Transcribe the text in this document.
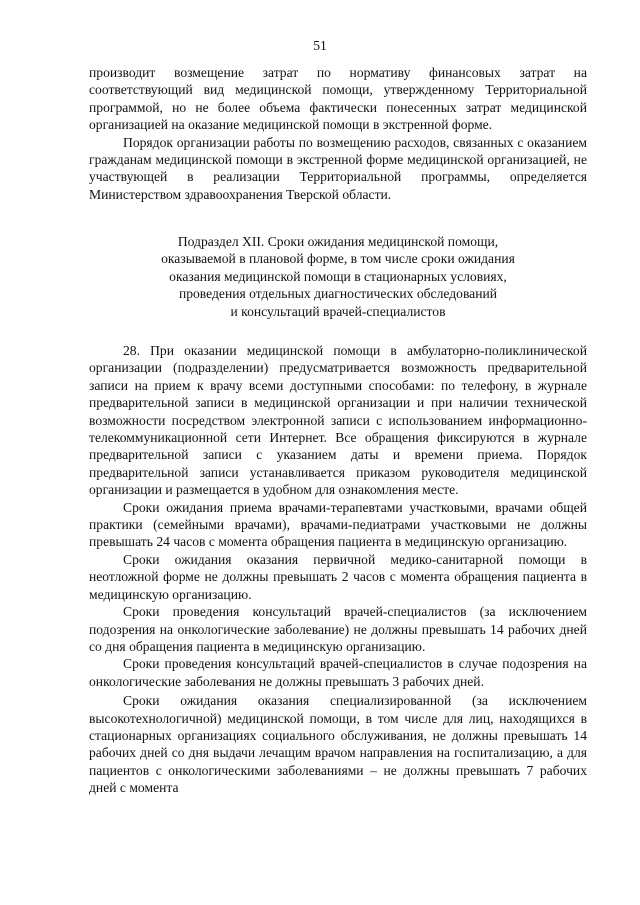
51

производит возмещение затрат по нормативу финансовых затрат на соответствующий вид медицинской помощи, утвержденному Территориальной программой, но не более объема фактически понесенных затрат медицинской организацией на оказание медицинской помощи в экстренной форме.

Порядок организации работы по возмещению расходов, связанных с оказанием гражданам медицинской помощи в экстренной форме медицинской организацией, не участвующей в реализации Территориальной программы, определяется Министерством здравоохранения Тверской области.

Подраздел XII. Сроки ожидания медицинской помощи,

оказываемой в плановой форме, в том числе сроки ожидания

оказания медицинской помощи в стационарных условиях,

проведения отдельных диагностических обследований

и консультаций врачей-специалистов

28. При оказании медицинской помощи в амбулаторно-поликлинической организации (подразделении) предусматривается возможность предварительной записи на прием к врачу всеми доступными способами: по телефону, в журнале предварительной записи в медицинской организации и при наличии технической возможности посредством электронной записи с использованием информационно-телекоммуникационной сети Интернет. Все обращения фиксируются в журнале предварительной записи с указанием даты и времени приема. Порядок предварительной записи устанавливается приказом руководителя медицинской организации и размещается в удобном для ознакомления месте.

Сроки ожидания приема врачами-терапевтами участковыми, врачами общей практики (семейными врачами), врачами-педиатрами участковыми не должны превышать 24 часов с момента обращения пациента в медицинскую организацию.

Сроки ожидания оказания первичной медико-санитарной помощи в неотложной форме не должны превышать 2 часов с момента обращения пациента в медицинскую организацию.

Сроки проведения консультаций врачей-специалистов (за исключением подозрения на онкологические заболевание) не должны превышать 14 рабочих дней со дня обращения пациента в медицинскую организацию.

Сроки проведения консультаций врачей-специалистов в случае подозрения на онкологические заболевания не должны превышать 3 рабочих дней.

Сроки ожидания оказания специализированной (за исключением высокотехнологичной) медицинской помощи, в том числе для лиц, находящихся в стационарных организациях социального обслуживания, не должны превышать 14 рабочих дней со дня выдачи лечащим врачом направления на госпитализацию, а для пациентов с онкологическими заболеваниями – не должны превышать 7 рабочих дней с момента
